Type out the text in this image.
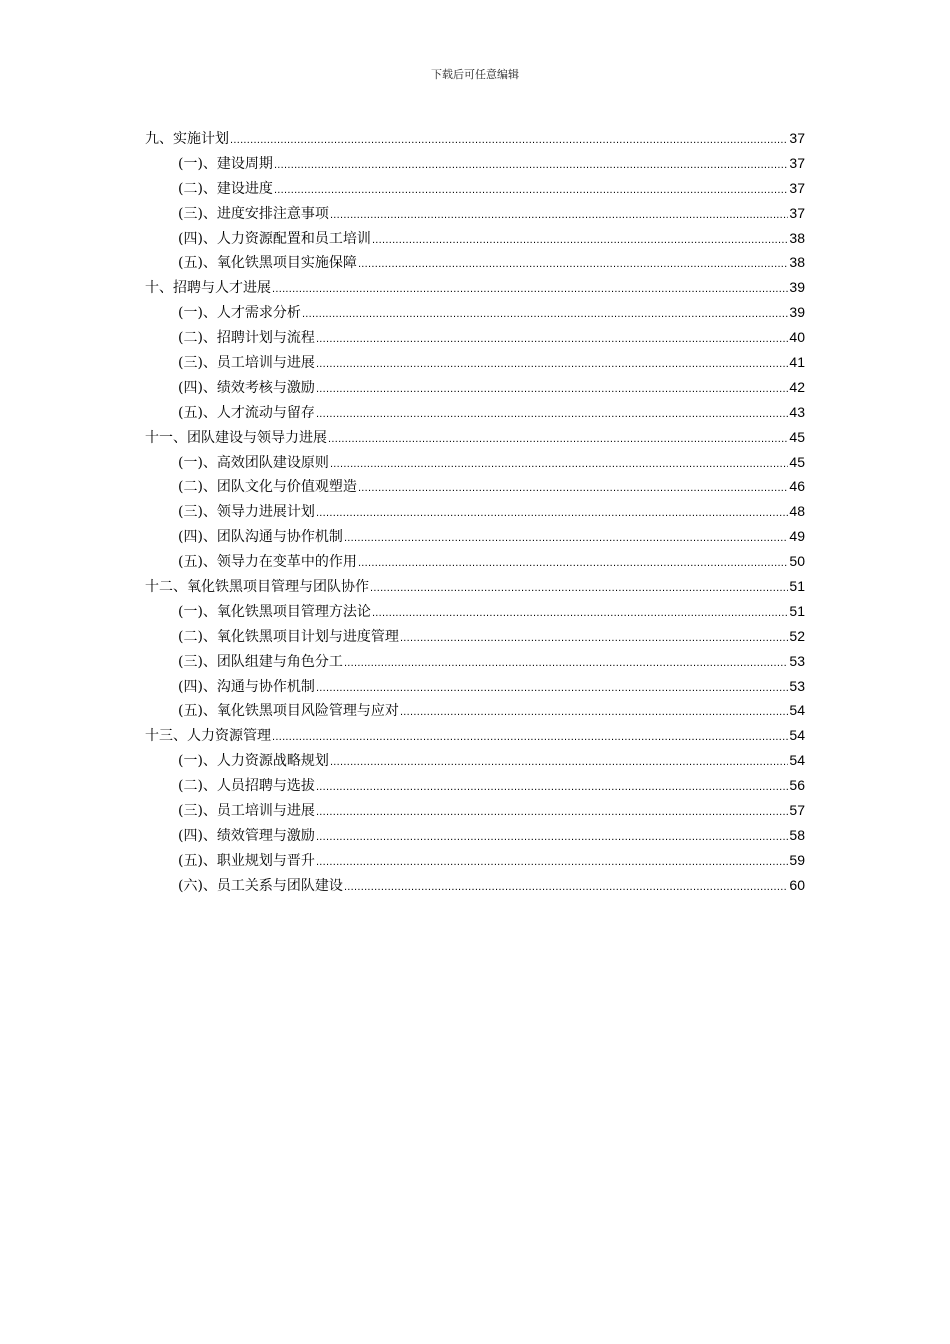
下载后可任意编辑
九、实施计划 .....	37
(一)、建设周期 .....	37
(二)、建设进度 .....	37
(三)、进度安排注意事项 .....	37
(四)、人力资源配置和员工培训 .....	38
(五)、氧化铁黑项目实施保障 .....	38
十、招聘与人才进展 .....	39
(一)、人才需求分析 .....	39
(二)、招聘计划与流程 .....	40
(三)、员工培训与进展 .....	41
(四)、绩效考核与激励 .....	42
(五)、人才流动与留存 .....	43
十一、团队建设与领导力进展 .....	45
(一)、高效团队建设原则 .....	45
(二)、团队文化与价值观塑造 .....	46
(三)、领导力进展计划 .....	48
(四)、团队沟通与协作机制 .....	49
(五)、领导力在变革中的作用 .....	50
十二、氧化铁黑项目管理与团队协作 .....	51
(一)、氧化铁黑项目管理方法论 .....	51
(二)、氧化铁黑项目计划与进度管理 .....	52
(三)、团队组建与角色分工 .....	53
(四)、沟通与协作机制 .....	53
(五)、氧化铁黑项目风险管理与应对 .....	54
十三、人力资源管理 .....	54
(一)、人力资源战略规划 .....	54
(二)、人员招聘与选拔 .....	56
(三)、员工培训与进展 .....	57
(四)、绩效管理与激励 .....	58
(五)、职业规划与晋升 .....	59
(六)、员工关系与团队建设 .....	60
